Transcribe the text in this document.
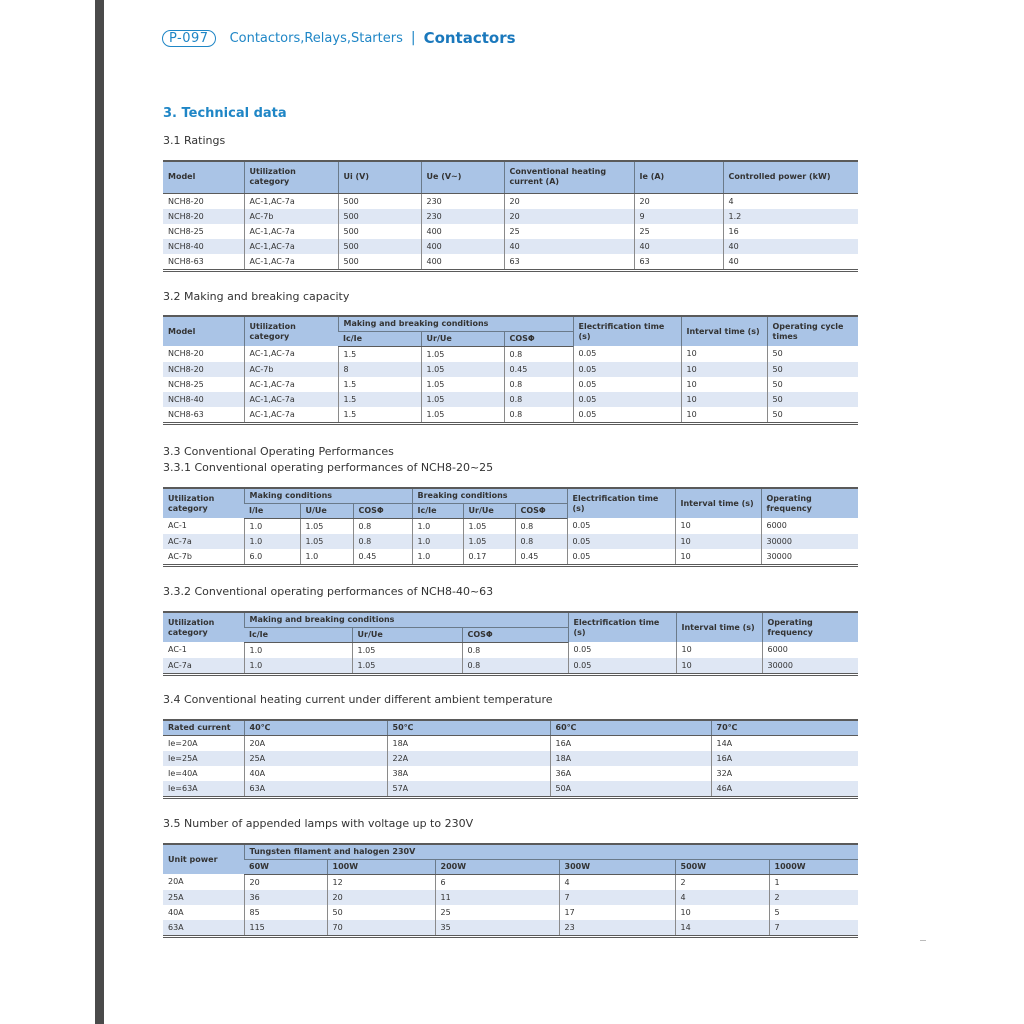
P-097	Contactors,Relays,Starters | Contactors
3. Technical data
3.1 Ratings
Model	Utilization category	Ui (V)	Ue (V~)	Conventional heating current (A)	Ie (A)	Controlled power (kW)
NCH8-20	AC-1,AC-7a	500	230	20	20	4
NCH8-20	AC-7b	500	230	20	9	1.2
NCH8-25	AC-1,AC-7a	500	400	25	25	16
NCH8-40	AC-1,AC-7a	500	400	40	40	40
NCH8-63	AC-1,AC-7a	500	400	63	63	40
3.2 Making and breaking capacity
Model	Utilization category	Making and breaking conditions			Electrification time (s)	Interval time (s)	Operating cycle times
		Ic/Ie	Ur/Ue	COSΦ			
NCH8-20	AC-1,AC-7a	1.5	1.05	0.8	0.05	10	50
NCH8-20	AC-7b	8	1.05	0.45	0.05	10	50
NCH8-25	AC-1,AC-7a	1.5	1.05	0.8	0.05	10	50
NCH8-40	AC-1,AC-7a	1.5	1.05	0.8	0.05	10	50
NCH8-63	AC-1,AC-7a	1.5	1.05	0.8	0.05	10	50
3.3 Conventional Operating Performances
3.3.1 Conventional operating performances of NCH8-20~25
Utilization category	Making conditions			Breaking conditions			Electrification time (s)	Interval time (s)	Operating frequency
	I/Ie	U/Ue	COSΦ	Ic/Ie	Ur/Ue	COSΦ			
AC-1	1.0	1.05	0.8	1.0	1.05	0.8	0.05	10	6000
AC-7a	1.0	1.05	0.8	1.0	1.05	0.8	0.05	10	30000
AC-7b	6.0	1.0	0.45	1.0	0.17	0.45	0.05	10	30000
3.3.2 Conventional operating performances of NCH8-40~63
Utilization category	Making and breaking conditions			Electrification time (s)	Interval time (s)	Operating frequency
	Ic/Ie	Ur/Ue	COSΦ			
AC-1	1.0	1.05	0.8	0.05	10	6000
AC-7a	1.0	1.05	0.8	0.05	10	30000
3.4 Conventional heating current under different ambient temperature
Rated current	40℃	50℃	60℃	70℃
Ie=20A	20A	18A	16A	14A
Ie=25A	25A	22A	18A	16A
Ie=40A	40A	38A	36A	32A
Ie=63A	63A	57A	50A	46A
3.5 Number of appended lamps with voltage up to 230V
Unit power	Tungsten filament and halogen 230V					
	60W	100W	200W	300W	500W	1000W
20A	20	12	6	4	2	1
25A	36	20	11	7	4	2
40A	85	50	25	17	10	5
63A	115	70	35	23	14	7
